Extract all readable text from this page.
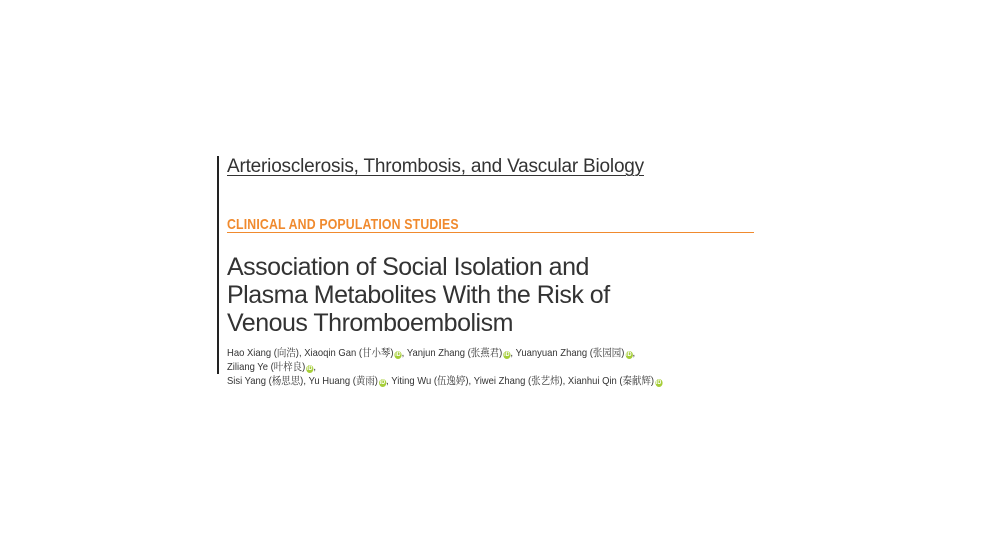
Arteriosclerosis, Thrombosis, and Vascular Biology
CLINICAL AND POPULATION STUDIES
Association of Social Isolation and
Plasma Metabolites With the Risk of
Venous Thromboembolism
Hao Xiang (向浩), Xiaoqin Gan (甘小琴) iD, Yanjun Zhang (张燕君) iD, Yuanyuan Zhang (张园园) iD, Ziliang Ye (叶梓良) iD,
Sisi Yang (杨思思), Yu Huang (黄雨) iD, Yiting Wu (伍逸婷), Yiwei Zhang (张艺炜), Xianhui Qin (秦献辉) iD
